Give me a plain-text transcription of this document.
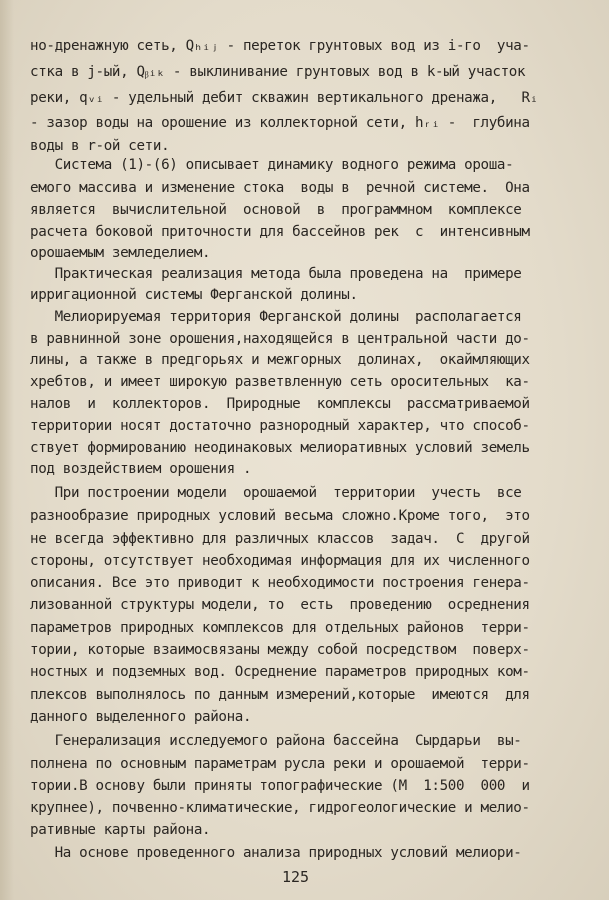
но-дренажную сеть, Qₕᵢⱼ - переток грунтовых вод из i-го  уча-
стка в j-ый, Qᵦᵢₖ - выклинивание грунтовых вод в k-ый участок
реки, qᵥᵢ - удельный дебит скважин вертикального дренажа,   Rᵢ
- зазор воды на орошение из коллекторной сети, hᵣᵢ -  глубина
воды в r-ой сети.
Система (1)-(6) описывает динамику водного режима ороша-
емого массива и изменение стока  воды в  речной системе.  Она
является  вычислительной  основой  в  программном  комплексе
расчета боковой приточности для бассейнов рек  с  интенсивным
орошаемым земледелием.
Практическая реализация метода была проведена на  примере
ирригационной системы Ферганской долины.
Мелиорируемая территория Ферганской долины  располагается
в равнинной зоне орошения,находящейся в центральной части до-
лины, а также в предгорьях и межгорных  долинах,  окаймляющих
хребтов, и имеет широкую разветвленную сеть оросительных  ка-
налов  и  коллекторов.  Природные  комплексы  рассматриваемой
территории носят достаточно разнородный характер, что способ-
ствует формированию неодинаковых мелиоративных условий земель
под воздействием орошения .
При построении модели  орошаемой  территории  учесть  все
разнообразие природных условий весьма сложно.Кроме того,  это
не всегда эффективно для различных классов  задач.  С  другой
стороны, отсутствует необходимая информация для их численного
описания. Все это приводит к необходимости построения генера-
лизованной структуры модели, то  есть  проведению  осреднения
параметров природных комплексов для отдельных районов  терри-
тории, которые взаимосвязаны между собой посредством  поверх-
ностных и подземных вод. Осреднение параметров природных ком-
плексов выполнялось по данным измерений,которые  имеются  для
данного выделенного района.
Генерализация исследуемого района бассейна  Сырдарьи  вы-
полнена по основным параметрам русла реки и орошаемой  терри-
тории.В основу были приняты топографические (М  1:500  000  и
крупнее), почвенно-климатические, гидрогеологические и мелио-
ративные карты района.
На основе проведенного анализа природных условий мелиори-
125
